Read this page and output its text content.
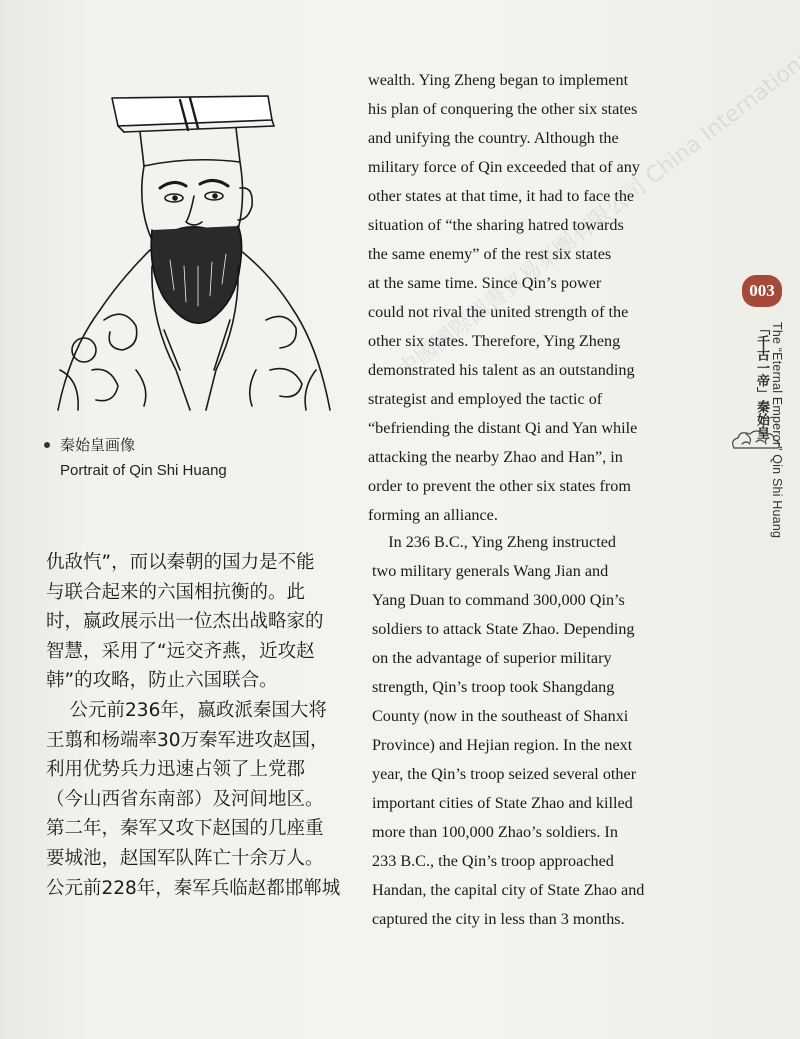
秦始皇画像
Portrait of Qin Shi Huang

仇敌忾”，而以秦朝的国力是不能

与联合起来的六国相抗衡的。此

时，嬴政展示出一位杰出战略家的

智慧，采用了“远交齐燕，近攻赵

韩”的攻略，防止六国联合。

公元前236年，嬴政派秦国大将

王翦和杨端率30万秦军进攻赵国，

利用优势兵力迅速占领了上党郡

（今山西省东南部）及河间地区。

第二年，秦军又攻下赵国的几座重

要城池，赵国军队阵亡十余万人。

公元前228年，秦军兵临赵都邯郸城

wealth. Ying Zheng began to implement

his plan of conquering the other six states

and unifying the country. Although the

military force of Qin exceeded that of any

other states at that time, it had to face the

situation of “the sharing hatred towards

the same enemy” of the rest six states

at the same time. Since Qin’s power

could not rival the united strength of the

other six states. Therefore, Ying Zheng

demonstrated his talent as an outstanding

strategist and employed the tactic of

“befriending the distant Qi and Yan while

attacking the nearby Zhao and Han”, in

order to prevent the other six states from

forming an alliance.

In 236 B.C., Ying Zheng instructed

two military generals Wang Jian and

Yang Duan to command 300,000 Qin’s

soldiers to attack State Zhao. Depending

on the advantage of superior military

strength, Qin’s troop took Shangdang

County (now in the southeast of Shanxi

Province) and Hejian region. In the next

year, the Qin’s troop seized several other

important cities of State Zhao and killed

more than 100,000 Zhao’s soldiers. In

233 B.C., the Qin’s troop approached

Handan, the capital city of State Zhao and

captured the city in less than 3 months.

003
The “Eternal Emperor” Qin Shi Huang
「千古一帝」秦始皇
